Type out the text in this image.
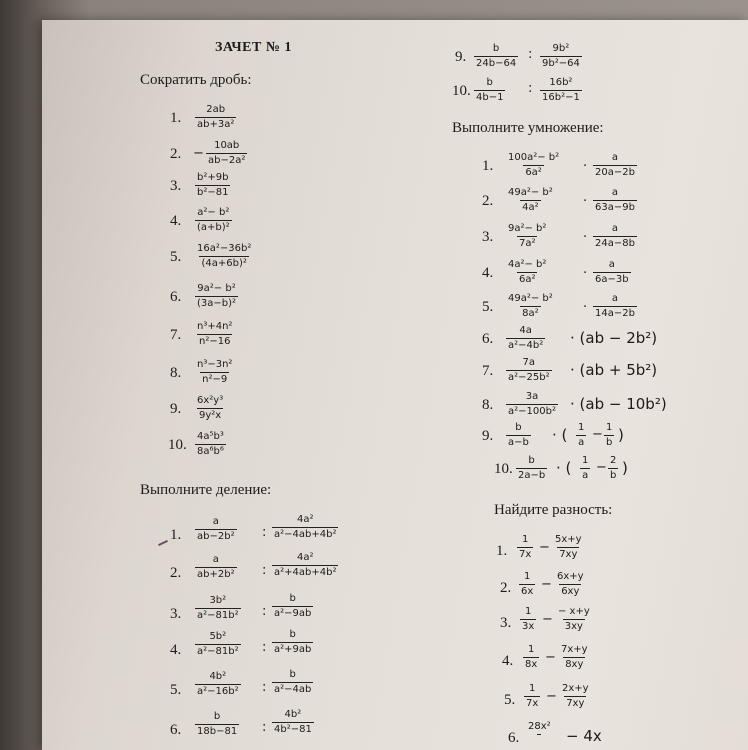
ЗАЧЕТ № 1
Сократить дробь:
Выполните деление:
Выполните умножение:
Найдите разность:
1. $\frac{2ab}{\text{ab+3a²}}$
2. − $\frac{10ab}{\text{ab−2a²}}$
3. $\frac{\text{b²+9b}}{\text{b²−81}}$
4. $\frac{\text{a²− b²}}{\text{(a+b)²}}$
5. $\frac{\text{16a²−36b²}}{\text{(4a+6b)²}}$
6. $\frac{\text{9a²− b²}}{\text{(3a−b)²}}$
7. $\frac{\text{n³+4n²}}{\text{n²−16}}$
8. $\frac{\text{n³−3n²}}{\text{n²−9}}$
9. $\frac{\text{6x²y³}}{\text{9y²x}}$
10. $\frac{\text{4a⁵b³}}{\text{8a⁶b⁶}}$
1. $\frac{a}{\text{ab−2b²}}$ : $\frac{\text{4a²}}{\text{a²−4ab+4b²}}$
2. $\frac{a}{\text{ab+2b²}}$ : $\frac{\text{4a²}}{\text{a²+4ab+4b²}}$
3. $\frac{\text{3b²}}{\text{a²−81b²}}$ : $\frac{b}{\text{a²−9ab}}$
4. $\frac{\text{5b²}}{\text{a²−81b²}}$ : $\frac{b}{\text{a²+9ab}}$
5. $\frac{\text{4b²}}{\text{a²−16b²}}$ : $\frac{b}{\text{a²−4ab}}$
6. $\frac{b}{18b-81}$ : $\frac{\text{4b²}}{\text{4b²−81}}$
9. $\frac{b}{24b-64}$ : $\frac{\text{9b²}}{\text{9b²−64}}$
10. $\frac{b}{4b-1}$ : $\frac{\text{16b²}}{\text{16b²−1}}$
1. $\frac{\text{100a²− b²}}{\text{6a²}} \cdot \frac{a}{20a-2b}$
2. $\frac{\text{49a²− b²}}{\text{4a²}} \cdot \frac{a}{63a-9b}$
3. $\frac{\text{9a²− b²}}{\text{7a²}}$	· $\frac{a}{24a-8b}$
4. $\frac{\text{4a²− b²}}{\text{6a²}}$	· $\frac{a}{6a-3b}$
5. $\frac{\text{49a²− b²}}{\text{8a²}} \cdot \frac{a}{14a-2b}$
6. $\frac{4a}{\text{a²−4b²}} \cdot (ab - 2b^2)$
7. $\frac{7a}{\text{a²−25b²}} \cdot (ab + 5b^2)$
8. $\frac{3a}{\text{a²−100b²}} \cdot (ab - 10b^2)$
9. $\frac{b}{a-b}$ · ( $\frac{1}{a} - \frac{1}{b}$ )
10. $\frac{b}{2a-b}$ · ( $\frac{1}{a} - \frac{2}{b}$ )
1. $\frac{1}{7x} - \frac{5x+y}{7xy}$
2. $\frac{1}{6x} - \frac{6x+y}{6xy}$
3. $\frac{1}{3x} - \frac{- x+y}{3xy}$
4. $\frac{1}{8x} - \frac{7x+y}{8xy}$
5. $\frac{1}{7x} - \frac{2x+y}{7xy}$
6.
28x²
− 4x
